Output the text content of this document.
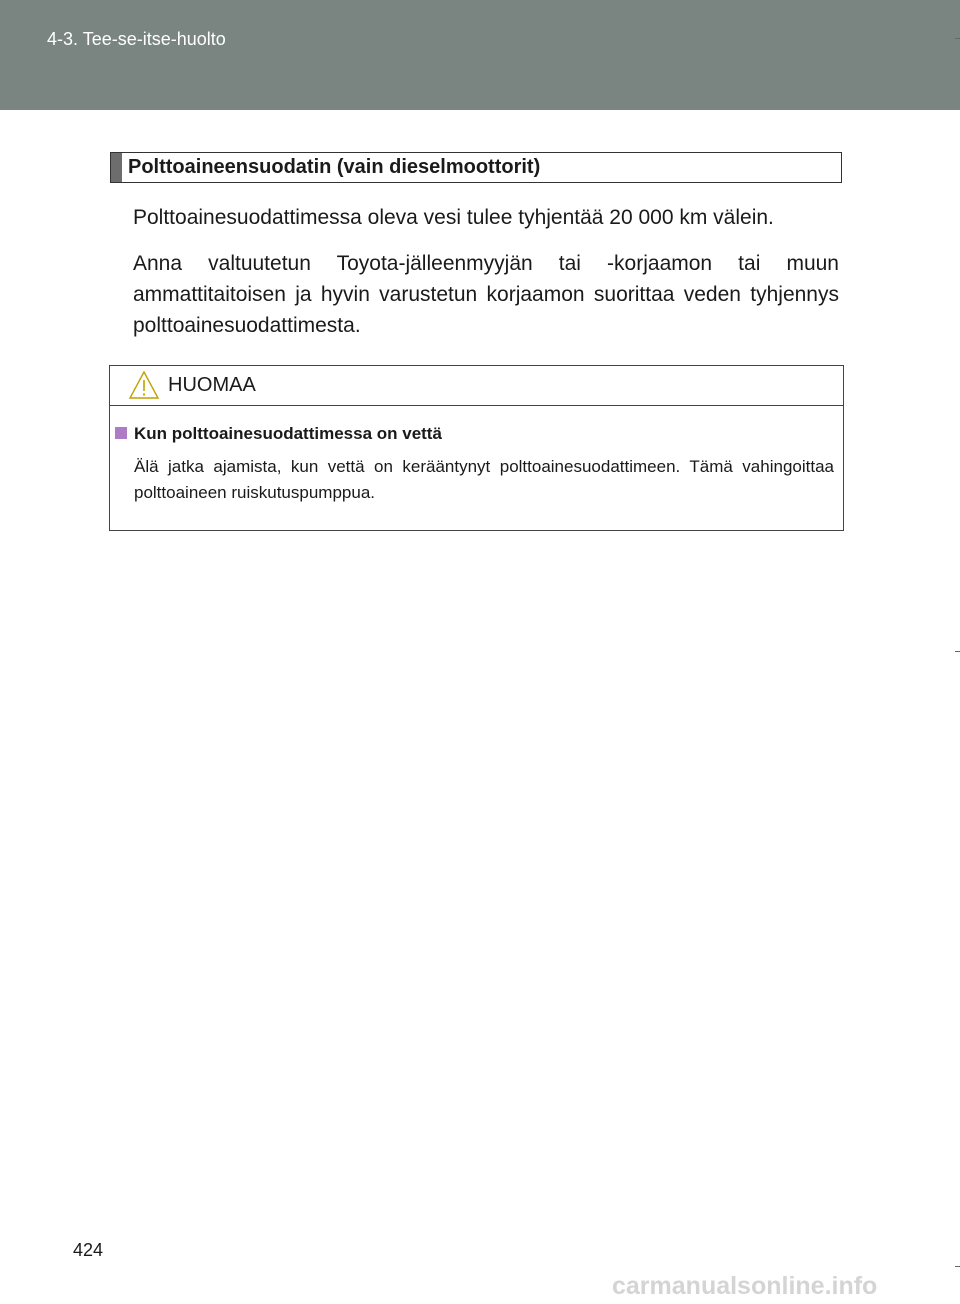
4-3. Tee-se-itse-huolto
Polttoaineensuodatin (vain dieselmoottorit)
Polttoainesuodattimessa oleva vesi tulee tyhjentää 20 000 km välein.
Anna valtuutetun Toyota-jälleenmyyjän tai -korjaamon tai muun ammattitaitoisen ja hyvin varustetun korjaamon suorittaa veden tyhjennys polttoainesuodattimesta.
HUOMAA
Kun polttoainesuodattimessa on vettä
Älä jatka ajamista, kun vettä on kerääntynyt polttoainesuodattimeen. Tämä vahingoittaa polttoaineen ruiskutuspumppua.
424
carmanualsonline.info
